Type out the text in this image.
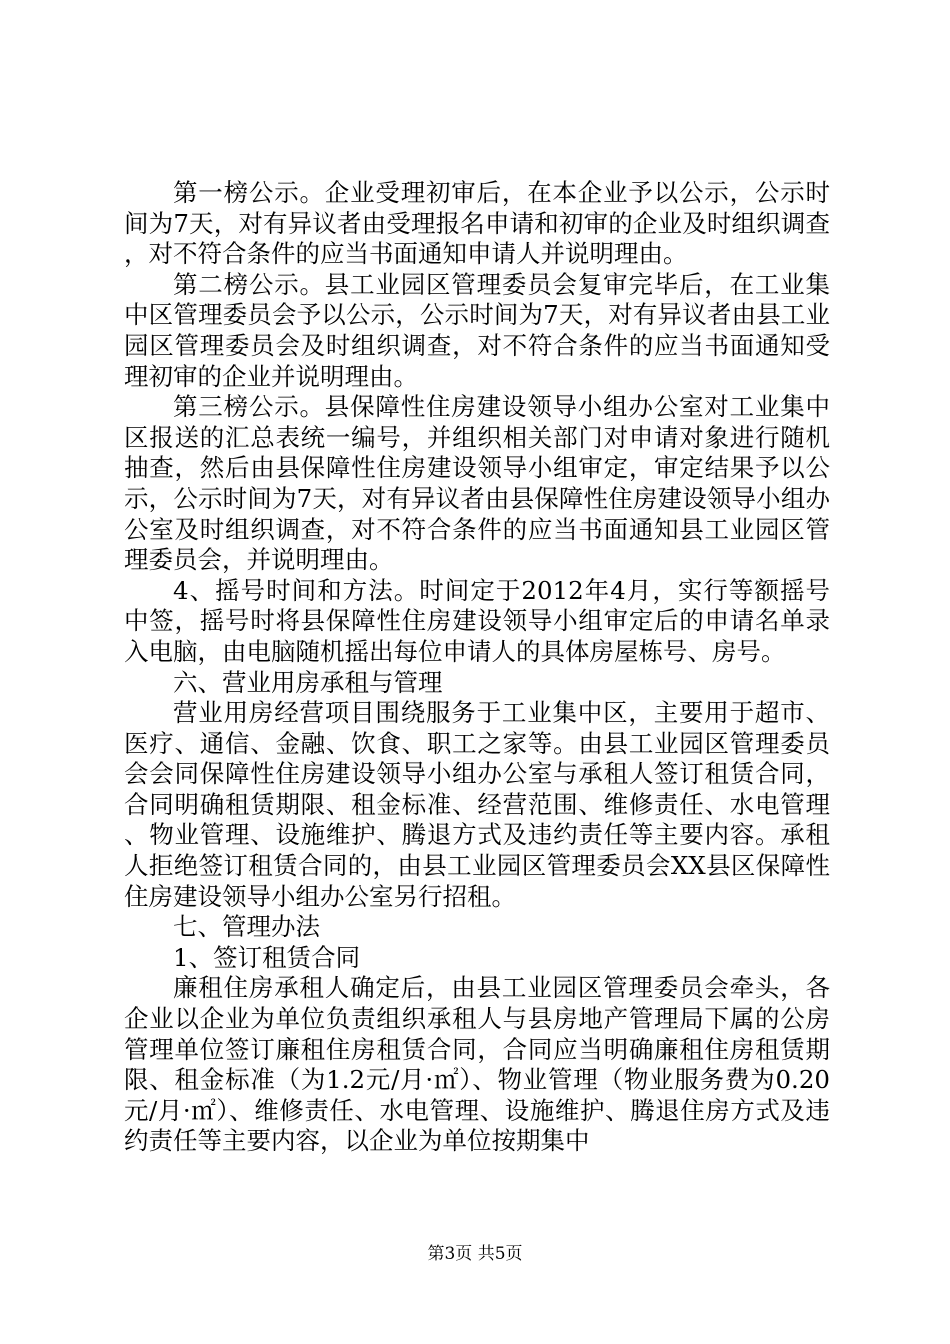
第一榜公示。企业受理初审后，在本企业予以公示，公示时间为7天，对有异议者由受理报名申请和初审的企业及时组织调查，对不符合条件的应当书面通知申请人并说明理由。

第二榜公示。县工业园区管理委员会复审完毕后，在工业集中区管理委员会予以公示，公示时间为7天，对有异议者由县工业园区管理委员会及时组织调查，对不符合条件的应当书面通知受理初审的企业并说明理由。

第三榜公示。县保障性住房建设领导小组办公室对工业集中区报送的汇总表统一编号，并组织相关部门对申请对象进行随机抽查，然后由县保障性住房建设领导小组审定，审定结果予以公示，公示时间为7天，对有异议者由县保障性住房建设领导小组办公室及时组织调查，对不符合条件的应当书面通知县工业园区管理委员会，并说明理由。

4、摇号时间和方法。时间定于2012年4月，实行等额摇号中签，摇号时将县保障性住房建设领导小组审定后的申请名单录入电脑，由电脑随机摇出每位申请人的具体房屋栋号、房号。

六、营业用房承租与管理

营业用房经营项目围绕服务于工业集中区，主要用于超市、医疗、通信、金融、饮食、职工之家等。由县工业园区管理委员会会同保障性住房建设领导小组办公室与承租人签订租赁合同，合同明确租赁期限、租金标准、经营范围、维修责任、水电管理、物业管理、设施维护、腾退方式及违约责任等主要内容。承租人拒绝签订租赁合同的，由县工业园区管理委员会XX县区保障性住房建设领导小组办公室另行招租。

七、管理办法

1、签订租赁合同

廉租住房承租人确定后，由县工业园区管理委员会牵头，各企业以企业为单位负责组织承租人与县房地产管理局下属的公房管理单位签订廉租住房租赁合同，合同应当明确廉租住房租赁期限、租金标准（为1.2元/月·㎡）、物业管理（物业服务费为0.20元/月·㎡）、维修责任、水电管理、设施维护、腾退住房方式及违约责任等主要内容，以企业为单位按期集中

第3页 共5页
